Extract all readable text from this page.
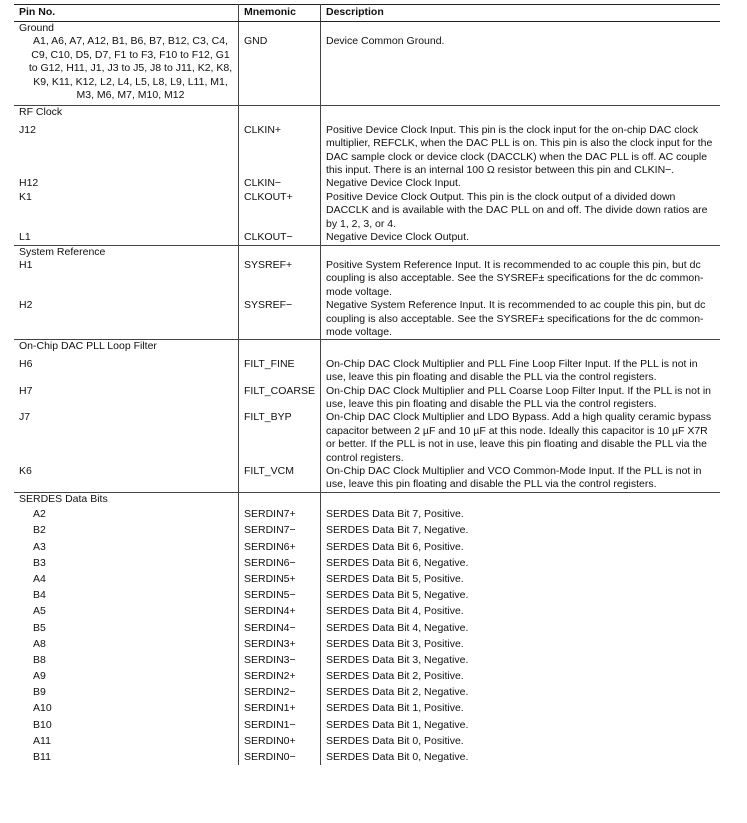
Pin No.	Mnemonic	Description
Ground		

A1, A6, A7, A12, B1, B6, B7, B12, C3, C4, C9, C10, D5, D7, F1 to F3, F10 to F12, G1 to G12, H11, J1, J3 to J5, J8 to J11, K2, K8, K9, K11, K12, L2, L4, L5, L8, L9, L11, M1, M3, M6, M7, M10, M12	GND	Device Common Ground.
RF Clock		
J12	CLKIN+	Positive Device Clock Input. This pin is the clock input for the on-chip DAC clock multiplier, REFCLK, when the DAC PLL is on. This pin is also the clock input for the DAC sample clock or device clock (DACCLK) when the DAC PLL is off. AC couple this input. There is an internal 100 Ω resistor between this pin and CLKIN−.
H12	CLKIN−	Negative Device Clock Input.
K1	CLKOUT+	Positive Device Clock Output. This pin is the clock output of a divided down DACCLK and is available with the DAC PLL on and off. The divide down ratios are by 1, 2, 3, or 4.
L1	CLKOUT−	Negative Device Clock Output.
System Reference		
H1	SYSREF+	Positive System Reference Input. It is recommended to ac couple this pin, but dc coupling is also acceptable. See the SYSREF± specifications for the dc common-mode voltage.
H2	SYSREF−	Negative System Reference Input. It is recommended to ac couple this pin, but dc coupling is also acceptable. See the SYSREF± specifications for the dc common-mode voltage.
On-Chip DAC PLL Loop Filter		
H6	FILT_FINE	On-Chip DAC Clock Multiplier and PLL Fine Loop Filter Input. If the PLL is not in use, leave this pin floating and disable the PLL via the control registers.
H7	FILT_COARSE	On-Chip DAC Clock Multiplier and PLL Coarse Loop Filter Input. If the PLL is not in use, leave this pin floating and disable the PLL via the control registers.
J7	FILT_BYP	On-Chip DAC Clock Multiplier and LDO Bypass. Add a high quality ceramic bypass capacitor between 2 µF and 10 µF at this node. Ideally this capacitor is 10 µF X7R or better. If the PLL is not in use, leave this pin floating and disable the PLL via the control registers.
K6	FILT_VCM	On-Chip DAC Clock Multiplier and VCO Common-Mode Input. If the PLL is not in use, leave this pin floating and disable the PLL via the control registers.
SERDES Data Bits		
A2	SERDIN7+	SERDES Data Bit 7, Positive.
B2	SERDIN7−	SERDES Data Bit 7, Negative.
A3	SERDIN6+	SERDES Data Bit 6, Positive.
B3	SERDIN6−	SERDES Data Bit 6, Negative.
A4	SERDIN5+	SERDES Data Bit 5, Positive.
B4	SERDIN5−	SERDES Data Bit 5, Negative.
A5	SERDIN4+	SERDES Data Bit 4, Positive.
B5	SERDIN4−	SERDES Data Bit 4, Negative.
A8	SERDIN3+	SERDES Data Bit 3, Positive.
B8	SERDIN3−	SERDES Data Bit 3, Negative.
A9	SERDIN2+	SERDES Data Bit 2, Positive.
B9	SERDIN2−	SERDES Data Bit 2, Negative.
A10	SERDIN1+	SERDES Data Bit 1, Positive.
B10	SERDIN1−	SERDES Data Bit 1, Negative.
A11	SERDIN0+	SERDES Data Bit 0, Positive.
B11	SERDIN0−	SERDES Data Bit 0, Negative.
